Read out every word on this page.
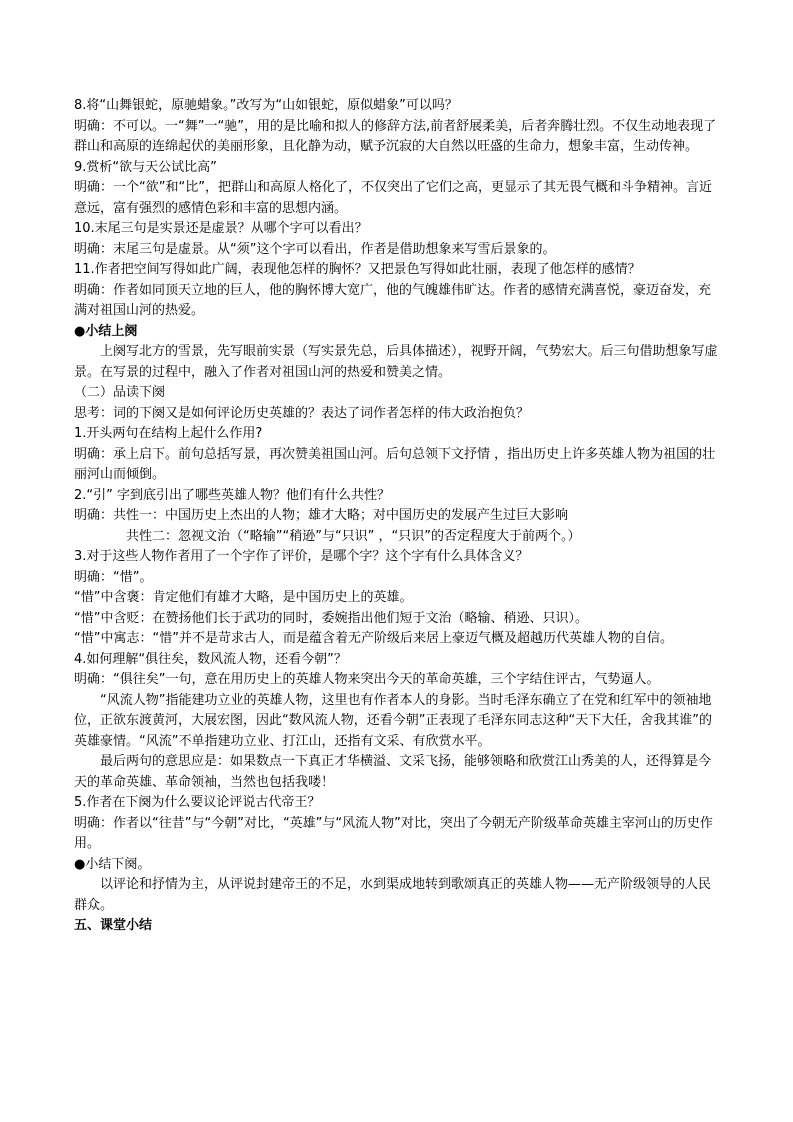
8.将“山舞银蛇，原驰蜡象。”改写为“山如银蛇，原似蜡象”可以吗？

明确：不可以。一“舞”一“驰”，用的是比喻和拟人的修辞方法,前者舒展柔美，后者奔腾壮烈。不仅生动地表现了群山和高原的连绵起伏的美丽形象，且化静为动，赋予沉寂的大自然以旺盛的生命力，想象丰富，生动传神。

9.赏析“欲与天公试比高”

明确：一个“欲”和“比”，把群山和高原人格化了，不仅突出了它们之高，更显示了其无畏气概和斗争精神。言近意远，富有强烈的感情色彩和丰富的思想内涵。

10.末尾三句是实景还是虚景？从哪个字可以看出？

明确：末尾三句是虚景。从“须”这个字可以看出，作者是借助想象来写雪后景象的。

11.作者把空间写得如此广阔，表现他怎样的胸怀？又把景色写得如此壮丽，表现了他怎样的感情？

明确：作者如同顶天立地的巨人，他的胸怀博大宽广，他的气魄雄伟旷达。作者的感情充满喜悦，豪迈奋发，充满对祖国山河的热爱。

●小结上阕

上阕写北方的雪景，先写眼前实景（写实景先总，后具体描述），视野开阔，气势宏大。后三句借助想象写虚景。在写景的过程中，融入了作者对祖国山河的热爱和赞美之情。

（二）品读下阕

思考：词的下阕又是如何评论历史英雄的？表达了词作者怎样的伟大政治抱负？

1.开头两句在结构上起什么作用?

明确：承上启下。前句总括写景，再次赞美祖国山河。后句总领下文抒情 ，指出历史上许多英雄人物为祖国的壮丽河山而倾倒。

2.“引” 字到底引出了哪些英雄人物？他们有什么共性？

明确：共性一：中国历史上杰出的人物；雄才大略；对中国历史的发展产生过巨大影响

共性二：忽视文治（“略输”“稍逊”与“只识” ，“只识”的否定程度大于前两个。）

3.对于这些人物作者用了一个字作了评价，是哪个字？这个字有什么具体含义？

明确：“惜”。

“惜”中含褒：肯定他们有雄才大略，是中国历史上的英雄。

“惜”中含贬：在赞扬他们长于武功的同时，委婉指出他们短于文治（略输、稍逊、只识）。

“惜”中寓志：“惜”并不是苛求古人，而是蕴含着无产阶级后来居上豪迈气概及超越历代英雄人物的自信。

4.如何理解“俱往矣，数风流人物，还看今朝”？

明确：“俱往矣”一句，意在用历史上的英雄人物来突出今天的革命英雄，三个字结住评古，气势逼人。

“风流人物”指能建功立业的英雄人物，这里也有作者本人的身影。当时毛泽东确立了在党和红军中的领袖地位，正欲东渡黄河，大展宏图，因此“数风流人物，还看今朝”正表现了毛泽东同志这种“天下大任，舍我其谁”的英雄豪情。“风流”不单指建功立业、打江山，还指有文采、有欣赏水平。

最后两句的意思应是：如果数点一下真正才华横溢、文采飞扬，能够领略和欣赏江山秀美的人，还得算是今天的革命英雄、革命领袖，当然也包括我喽！

5.作者在下阕为什么要议论评说古代帝王？

明确：作者以“往昔”与“今朝”对比，“英雄”与“风流人物”对比，突出了今朝无产阶级革命英雄主宰河山的历史作用。

●小结下阕。

以评论和抒情为主，从评说封建帝王的不足，水到渠成地转到歌颂真正的英雄人物——无产阶级领导的人民群众。

五、课堂小结
